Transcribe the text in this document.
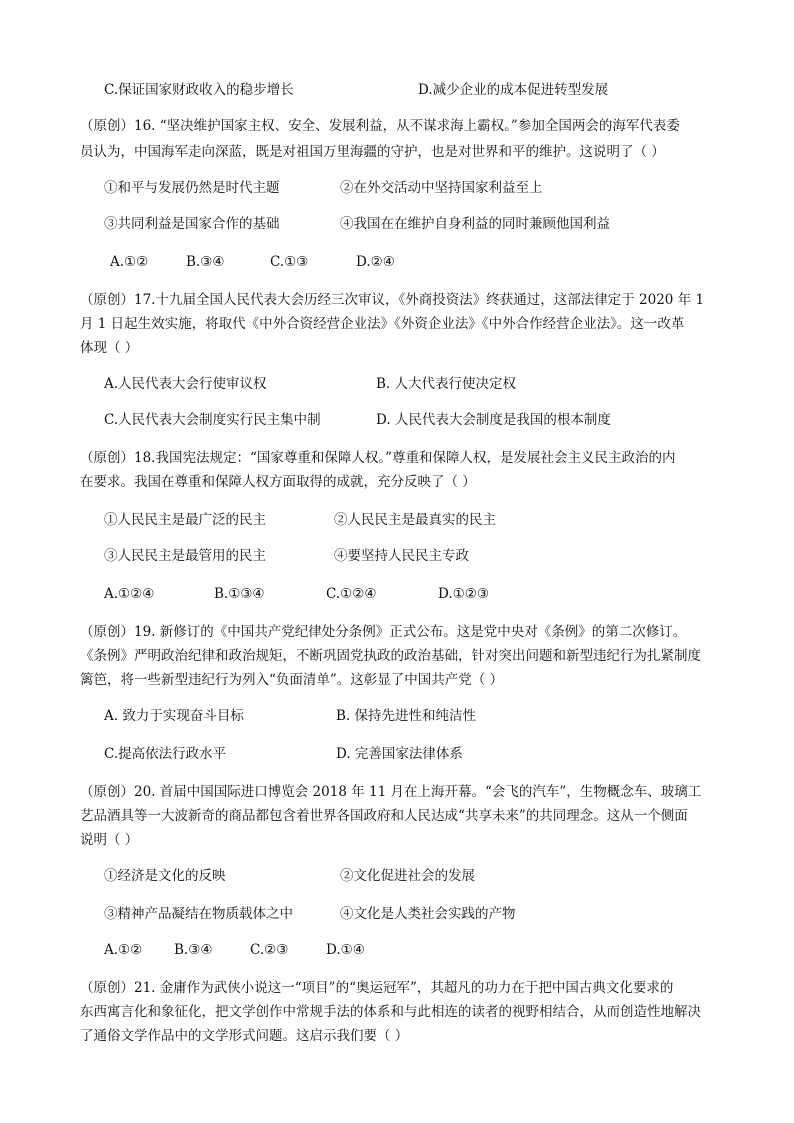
C.保证国家财政收入的稳步增长	D.减少企业的成本促进转型发展
（原创）16. “坚决维护国家主权、安全、发展利益，从不谋求海上霸权。”参加全国两会的海军代表委
员认为，中国海军走向深蓝，既是对祖国万里海疆的守护，也是对世界和平的维护。这说明了（ ）
①和平与发展仍然是时代主题	②在外交活动中坚持国家利益至上
③共同利益是国家合作的基础	④我国在在维护自身利益的同时兼顾他国利益
A.①②	B.③④	C.①③	D.②④
（原创）17.十九届全国人民代表大会历经三次审议，《外商投资法》终获通过，这部法律定于 2020 年 1
月 1 日起生效实施，将取代《中外合资经营企业法》《外资企业法》《中外合作经营企业法》。这一改革
体现（ ）
A.人民代表大会行使审议权	B. 人大代表行使决定权
C.人民代表大会制度实行民主集中制	D. 人民代表大会制度是我国的根本制度
（原创）18.我国宪法规定：“国家尊重和保障人权。”尊重和保障人权，是发展社会主义民主政治的内
在要求。我国在尊重和保障人权方面取得的成就，充分反映了（ ）
①人民民主是最广泛的民主	②人民民主是最真实的民主
③人民民主是最管用的民主	④要坚持人民民主专政
A.①②④	B.①③④	C.①②④	D.①②③
（原创）19. 新修订的《中国共产党纪律处分条例》正式公布。这是党中央对《条例》的第二次修订。
《条例》严明政治纪律和政治规矩，不断巩固党执政的政治基础，针对突出问题和新型违纪行为扎紧制度
篱笆，将一些新型违纪行为列入“负面清单”。这彰显了中国共产党（ ）
A. 致力于实现奋斗目标	B. 保持先进性和纯洁性
C.提高依法行政水平	D. 完善国家法律体系
（原创）20. 首届中国国际进口博览会 2018 年 11 月在上海开幕。“会飞的汽车”，生物概念车、玻璃工
艺品酒具等一大波新奇的商品都包含着世界各国政府和人民达成“共享未来”的共同理念。这从一个侧面
说明（ ）
①经济是文化的反映	②文化促进社会的发展
③精神产品凝结在物质载体之中	④文化是人类社会实践的产物
A.①② B.③④	C.②③	D.①④
（原创）21. 金庸作为武侠小说这一“项目”的“奥运冠军”，其超凡的功力在于把中国古典文化要求的
东西寓言化和象征化，把文学创作中常规手法的体系和与此相连的读者的视野相结合，从而创造性地解决
了通俗文学作品中的文学形式问题。这启示我们要（ ）
